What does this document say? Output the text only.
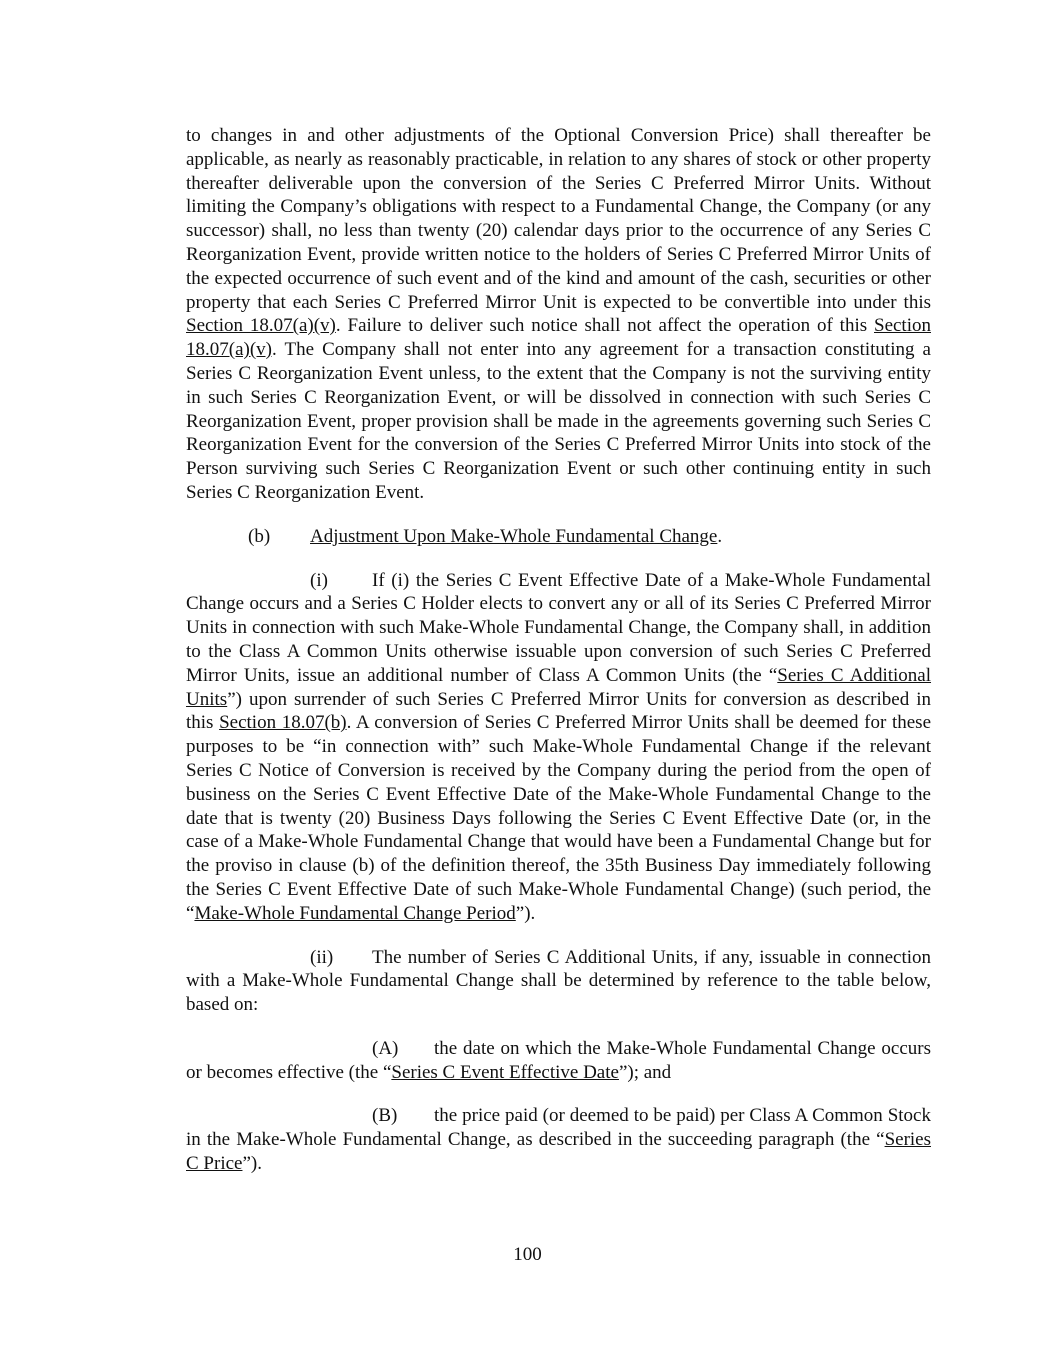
to changes in and other adjustments of the Optional Conversion Price) shall thereafter be applicable, as nearly as reasonably practicable, in relation to any shares of stock or other property thereafter deliverable upon the conversion of the Series C Preferred Mirror Units. Without limiting the Company’s obligations with respect to a Fundamental Change, the Company (or any successor) shall, no less than twenty (20) calendar days prior to the occurrence of any Series C Reorganization Event, provide written notice to the holders of Series C Preferred Mirror Units of the expected occurrence of such event and of the kind and amount of the cash, securities or other property that each Series C Preferred Mirror Unit is expected to be convertible into under this Section 18.07(a)(v). Failure to deliver such notice shall not affect the operation of this Section 18.07(a)(v). The Company shall not enter into any agreement for a transaction constituting a Series C Reorganization Event unless, to the extent that the Company is not the surviving entity in such Series C Reorganization Event, or will be dissolved in connection with such Series C Reorganization Event, proper provision shall be made in the agreements governing such Series C Reorganization Event for the conversion of the Series C Preferred Mirror Units into stock of the Person surviving such Series C Reorganization Event or such other continuing entity in such Series C Reorganization Event.

(b) Adjustment Upon Make-Whole Fundamental Change.

(i) If (i) the Series C Event Effective Date of a Make-Whole Fundamental Change occurs and a Series C Holder elects to convert any or all of its Series C Preferred Mirror Units in connection with such Make-Whole Fundamental Change, the Company shall, in addition to the Class A Common Units otherwise issuable upon conversion of such Series C Preferred Mirror Units, issue an additional number of Class A Common Units (the “Series C Additional Units”) upon surrender of such Series C Preferred Mirror Units for conversion as described in this Section 18.07(b). A conversion of Series C Preferred Mirror Units shall be deemed for these purposes to be “in connection with” such Make-Whole Fundamental Change if the relevant Series C Notice of Conversion is received by the Company during the period from the open of business on the Series C Event Effective Date of the Make-Whole Fundamental Change to the date that is twenty (20) Business Days following the Series C Event Effective Date (or, in the case of a Make-Whole Fundamental Change that would have been a Fundamental Change but for the proviso in clause (b) of the definition thereof, the 35th Business Day immediately following the Series C Event Effective Date of such Make-Whole Fundamental Change) (such period, the “Make-Whole Fundamental Change Period”).

(ii) The number of Series C Additional Units, if any, issuable in connection with a Make-Whole Fundamental Change shall be determined by reference to the table below, based on:

(A) the date on which the Make-Whole Fundamental Change occurs or becomes effective (the “Series C Event Effective Date”); and

(B) the price paid (or deemed to be paid) per Class A Common Stock in the Make-Whole Fundamental Change, as described in the succeeding paragraph (the “Series C Price”).

100
